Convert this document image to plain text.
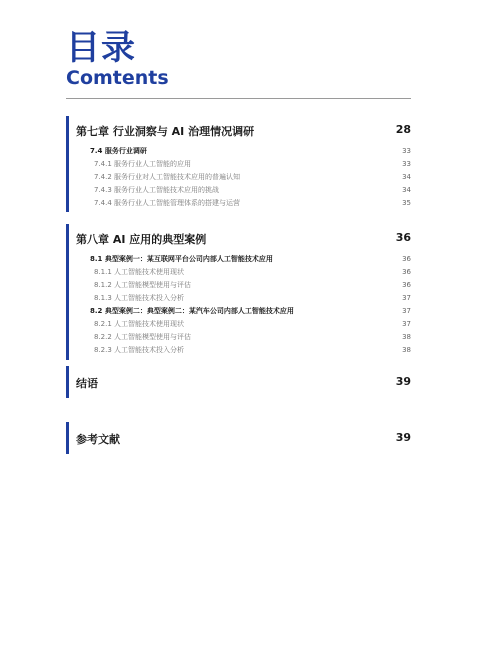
目录
Comtents
第七章 行业洞察与 AI 治理情况调研	28
7.4 服务行业调研	33
7.4.1 服务行业人工智能的应用	33
7.4.2 服务行业对人工智能技术应用的普遍认知	34
7.4.3 服务行业人工智能技术应用的挑战	34
7.4.4 服务行业人工智能管理体系的搭建与运营	35
第八章 AI 应用的典型案例	36
8.1 典型案例一：某互联网平台公司内部人工智能技术应用	36
8.1.1 人工智能技术使用现状	36
8.1.2 人工智能模型使用与评估	36
8.1.3 人工智能技术投入分析	37
8.2 典型案例二：典型案例二：某汽车公司内部人工智能技术应用	37
8.2.1 人工智能技术使用现状	37
8.2.2 人工智能模型使用与评估	38
8.2.3 人工智能技术投入分析	38
结语	39
参考文献	39
